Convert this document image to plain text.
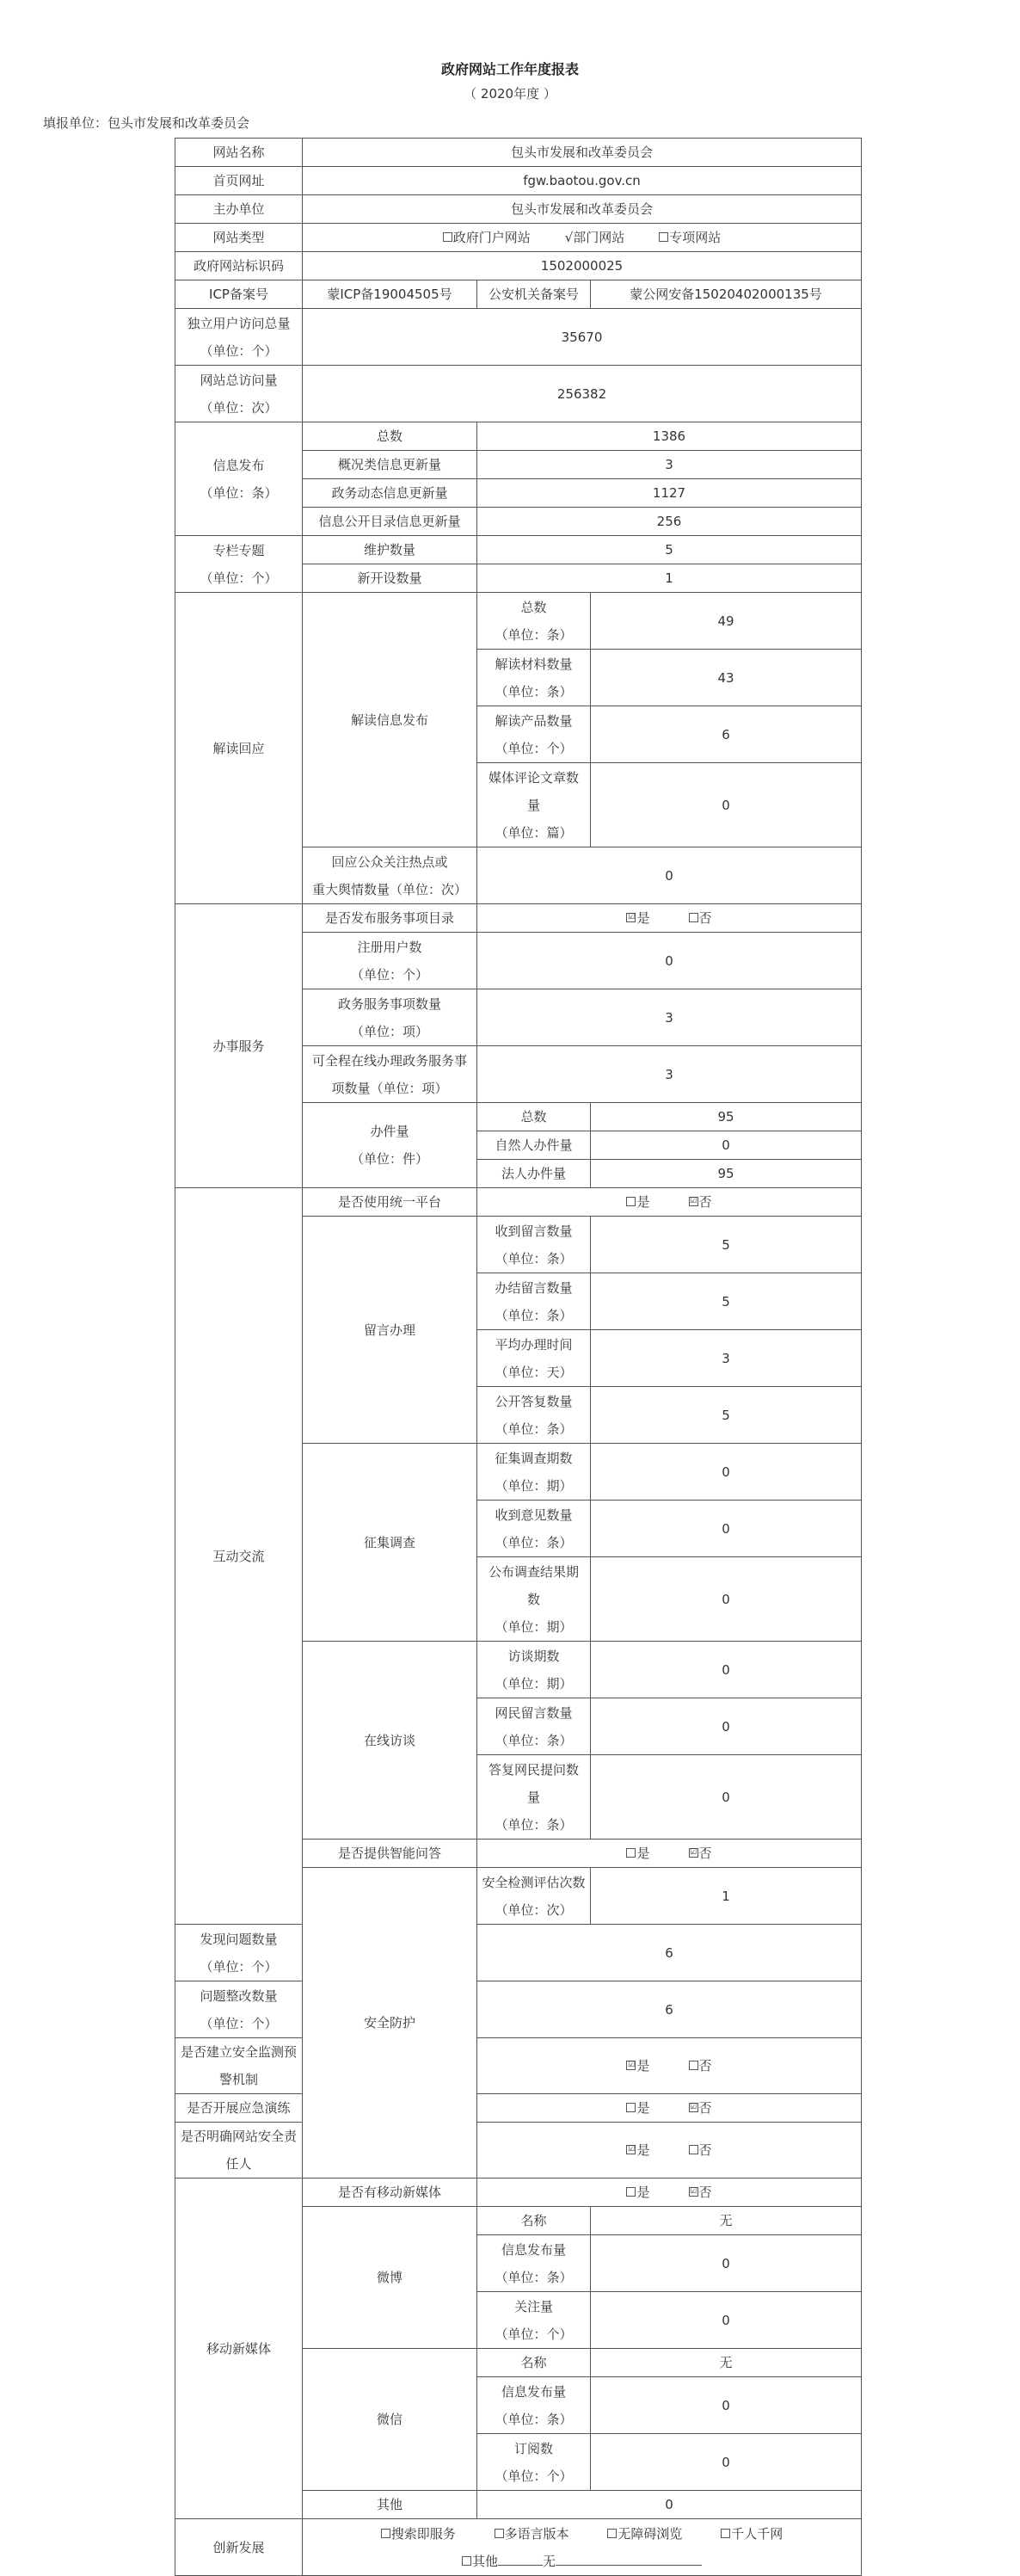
政府网站工作年度报表
（ 2020年度 ）
填报单位：包头市发展和改革委员会
网站名称	包头市发展和改革委员会		
首页网址	fgw.baotou.gov.cn		
主办单位	包头市发展和改革委员会		
网站类型	政府门户网站 √部门网站 专项网站		
政府网站标识码	1502000025		
ICP备案号	蒙ICP备19004505号	公安机关备案号	蒙公网安备15020402000135号

独立用户访问总量
（单位：个）	35670		

网站总访问量
（单位：次）	256382		

信息发布
（单位：条）	总数	1386	
	概况类信息更新量	3	
	政务动态信息更新量	1127	
	信息公开目录信息更新量	256	

专栏专题
（单位：个）	维护数量	5	
	新开设数量	1	
解读回应	解读信息发布	总数
（单位：条）	49

		解读材料数量
（单位：条）	43

		解读产品数量
（单位：个）	6

		媒体评论文章数
量
（单位：篇）	0

	回应公众关注热点或
重大舆情数量（单位：次）	0	
办事服务	是否发布服务事项目录	☑ 是 否	

	注册用户数
（单位：个）	0	

	政务服务事项数量
（单位：项）	3	

	可全程在线办理政务服务事
项数量（单位：项）	3	

	办件量
（单位：件）	总数	95
		自然人办件量	0
		法人办件量	95
互动交流	是否使用统一平台	是 ☑ 否	
	留言办理	收到留言数量
（单位：条）	5

		办结留言数量
（单位：条）	5

		平均办理时间
（单位：天）	3

		公开答复数量
（单位：条）	5
	征集调查	征集调查期数
（单位：期）	0

		收到意见数量
（单位：条）	0

		公布调查结果期
数
（单位：期）	0
	在线访谈	访谈期数
（单位：期）	0

		网民留言数量
（单位：条）	0

		答复网民提问数
量
（单位：条）	0
	是否提供智能问答	是 ☑ 否	
	安全防护	安全检测评估次数
（单位：次）	1

发现问题数量
（单位：个）		6	

问题整改数量
（单位：个）		6	
是否建立安全监测预警机制		☑ 是 否	
是否开展应急演练		是 ☑ 否	
是否明确网站安全责任人		☑ 是 否	
移动新媒体	是否有移动新媒体	是 ☑ 否	
	微博	名称	无

		信息发布量
（单位：条）	0

		关注量
（单位：个）	0
	微信	名称	无

		信息发布量
（单位：条）	0

		订阅数
（单位：个）	0
	其他	0	
创新发展	搜索即服务 多语言版本 无障碍浏览 千人千网
其他 无		
